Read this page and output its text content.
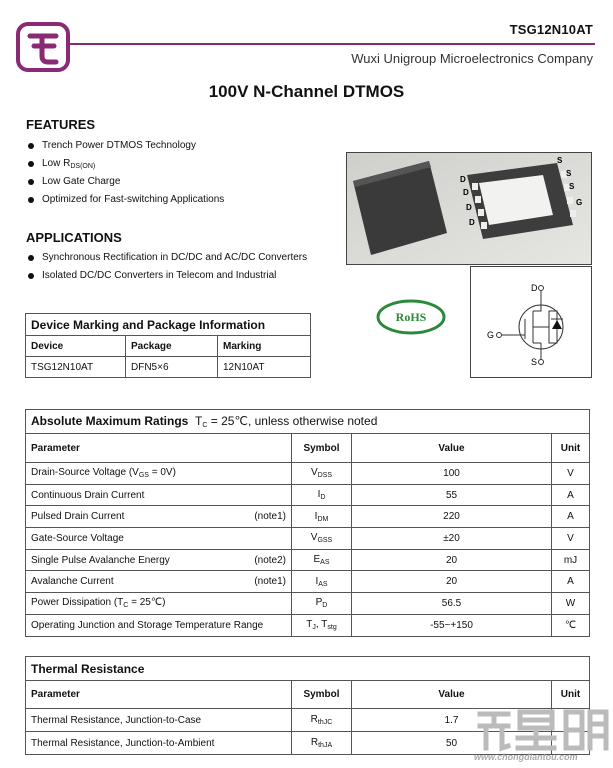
TSG12N10AT
Wuxi Unigroup Microelectronics Company
100V N-Channel DTMOS
FEATURES
Trench Power DTMOS Technology
Low $R_{DS(ON)}$
Low Gate Charge
Optimized for Fast-switching Applications
APPLICATIONS
Synchronous Rectification in DC/DC and AC/DC Converters
Isolated DC/DC Converters in Telecom and Industrial
S
S
S
G
D
D
D
D
RoHS
D
G
S
Device Marking and Package Information		
Device	Package	Marking
TSG12N10AT	DFN5×6	12N10AT
Absolute Maximum Ratings $T_C$ = 25℃, unless otherwise noted			
Parameter	Symbol	Value	Unit
Drain-Source Voltage $(V_{GS} = 0V)$	$V_{DSS}$	100	V
Continuous Drain Current	$I_D$	55	A
Pulsed Drain Current (note1)	$I_{DM}$	220	A
Gate-Source Voltage	$V_{GSS}$	±20	V
Single Pulse Avalanche Energy (note2)	$E_{AS}$	20	mJ
Avalanche Current (note1)	$I_{AS}$	20	A
Power Dissipation ($T_C$ = 25℃)	$P_D$	56.5	W
Operating Junction and Storage Temperature Range	$T_J$, $T_{stg}$	-55~+150	℃
Thermal Resistance			
Parameter	Symbol	Value	Unit
Thermal Resistance, Junction-to-Case	$R_{thJC}$	1.7	
Thermal Resistance, Junction-to-Ambient	$R_{thJA}$	50	
www.chongdiantou.com
